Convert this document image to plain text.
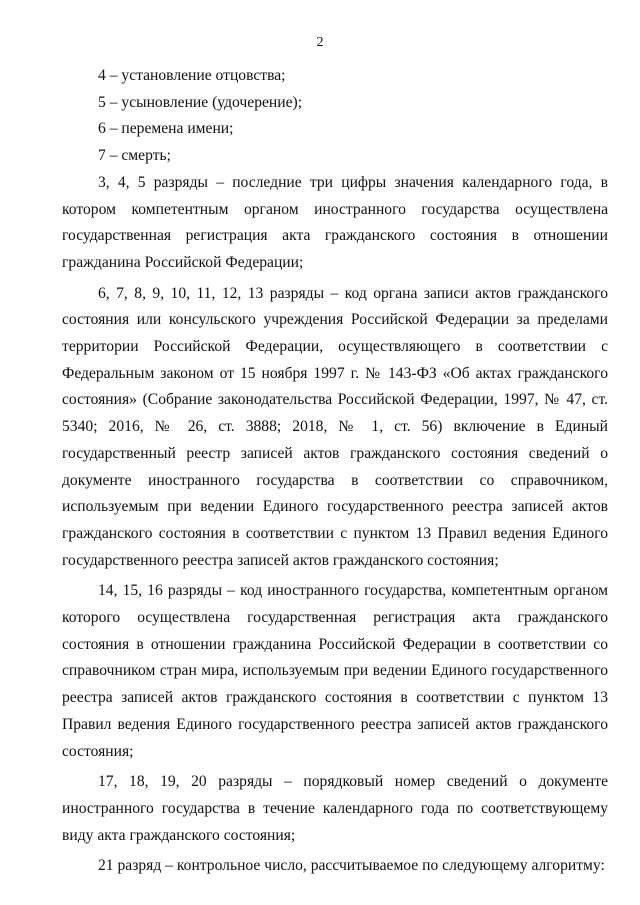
2

4 – установление отцовства;

5 – усыновление (удочерение);

6 – перемена имени;

7 – смерть;

3, 4, 5 разряды – последние три цифры значения календарного года, в котором компетентным органом иностранного государства осуществлена государственная регистрация акта гражданского состояния в отношении гражданина Российской Федерации;

6, 7, 8, 9, 10, 11, 12, 13 разряды – код органа записи актов гражданского состояния или консульского учреждения Российской Федерации за пределами территории Российской Федерации, осуществляющего в соответствии с Федеральным законом от 15 ноября 1997 г. № 143-ФЗ «Об актах гражданского состояния» (Собрание законодательства Российской Федерации, 1997, № 47, ст. 5340; 2016, № 26, ст. 3888; 2018, № 1, ст. 56) включение в Единый государственный реестр записей актов гражданского состояния сведений о документе иностранного государства в соответствии со справочником, используемым при ведении Единого государственного реестра записей актов гражданского состояния в соответствии с пунктом 13 Правил ведения Единого государственного реестра записей актов гражданского состояния;

14, 15, 16 разряды – код иностранного государства, компетентным органом которого осуществлена государственная регистрация акта гражданского состояния в отношении гражданина Российской Федерации в соответствии со справочником стран мира, используемым при ведении Единого государственного реестра записей актов гражданского состояния в соответствии с пунктом 13 Правил ведения Единого государственного реестра записей актов гражданского состояния;

17, 18, 19, 20 разряды – порядковый номер сведений о документе иностранного государства в течение календарного года по соответствующему виду акта гражданского состояния;

21 разряд – контрольное число, рассчитываемое по следующему алгоритму:
